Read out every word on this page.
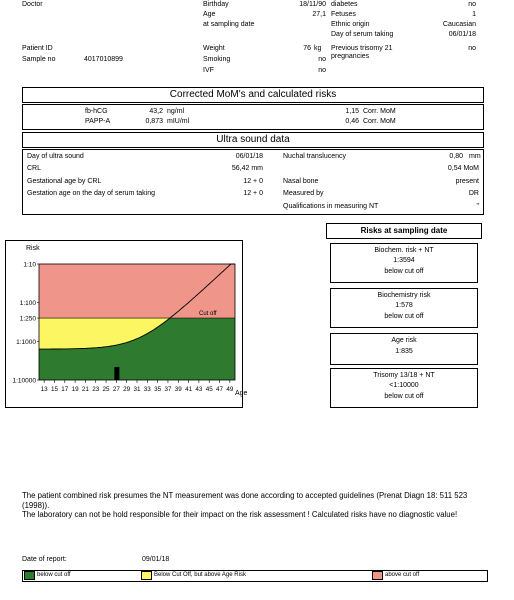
Doctor	Birthday	18/11/90
Age	27,1
at sampling date
diabetes	no
Fetuses	1
Ethnic origin	Caucasian
Day of serum taking	06/01/18
Patient ID
Sample no	4017010899
Weight	76 kg
Smoking	no
IVF	no
Previous trisomy 21
pregnancies
no
Corrected MoM's and calculated risks
fb-hCG	43,2 ng/ml	1,15 Corr. MoM
PAPP-A	0,873 mIU/ml	0,46 Corr. MoM
Ultra sound data
Day of ultra sound	06/01/18
CRL	56,42 mm
Gestational age by CRL	12 + 0
Gestation age on the day of serum taking	12 + 0
Nuchal translucency	0,80 mm
0,54 MoM
Nasal bone	present
Measured by	DR
Qualifications in measuring NT	"
Risk
Cut off
1:10
1:100
1:250
1:1000
1:10000
13 15 17 19 21 23 25 27 29 31 33 35 37 39 41 43 45 47 49
Age
Risks at sampling date
Biochem. risk + NT
1:3594
below cut off
Biochemistry risk
1:578
below cut off
Age risk
1:835
Trisomy 13/18 + NT
<1:10000
below cut off
The patient combined risk presumes the NT measurement was done according to accepted guidelines (Prenat Diagn 18: 511 523 (1998)).
The laboratory can not be hold responsible for their impact on the risk assessment ! Calculated risks have no diagnostic value!
Date of report:	09/01/18
below cut off	Below Cut Off, but above Age Risk	above cut off
